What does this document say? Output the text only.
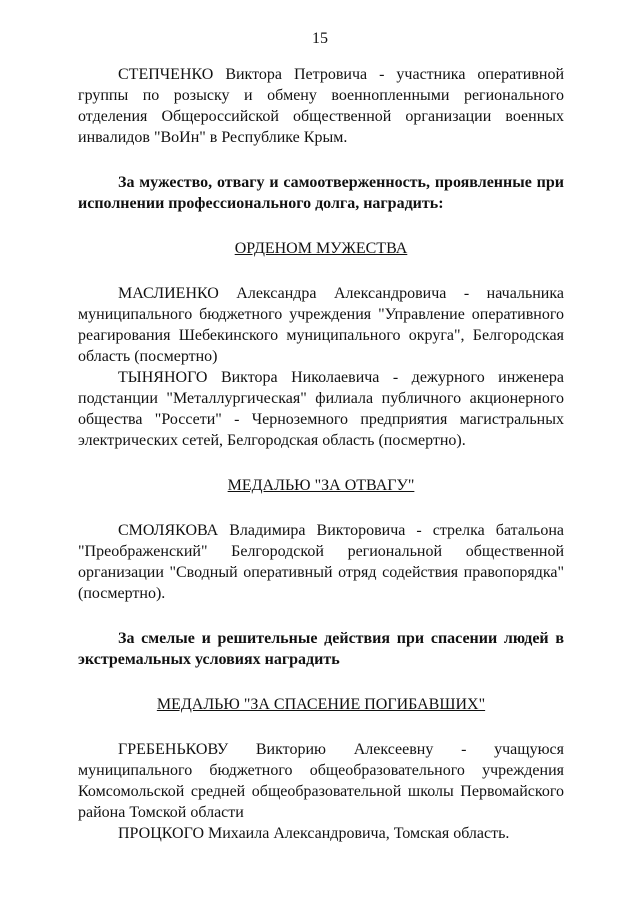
15

СТЕПЧЕНКО Виктора Петровича - участника оперативной группы по розыску и обмену военнопленными регионального отделения Общероссийской общественной организации военных инвалидов "ВоИн" в Республике Крым.

За мужество, отвагу и самоотверженность, проявленные при исполнении профессионального долга, наградить:

ОРДЕНОМ МУЖЕСТВА

МАСЛИЕНКО Александра Александровича - начальника муниципального бюджетного учреждения "Управление оперативного реагирования Шебекинского муниципального округа", Белгородская область (посмертно)

ТЫНЯНОГО Виктора Николаевича - дежурного инженера подстанции "Металлургическая" филиала публичного акционерного общества "Россети" - Черноземного предприятия магистральных электрических сетей, Белгородская область (посмертно).

МЕДАЛЬЮ "ЗА ОТВАГУ"

СМОЛЯКОВА Владимира Викторовича - стрелка батальона "Преображенский" Белгородской региональной общественной организации "Сводный оперативный отряд содействия правопорядка" (посмертно).

За смелые и решительные действия при спасении людей в экстремальных условиях наградить

МЕДАЛЬЮ "ЗА СПАСЕНИЕ ПОГИБАВШИХ"

ГРЕБЕНЬКОВУ Викторию Алексеевну - учащуюся муниципального бюджетного общеобразовательного учреждения Комсомольской средней общеобразовательной школы Первомайского района Томской области

ПРОЦКОГО Михаила Александровича, Томская область.
